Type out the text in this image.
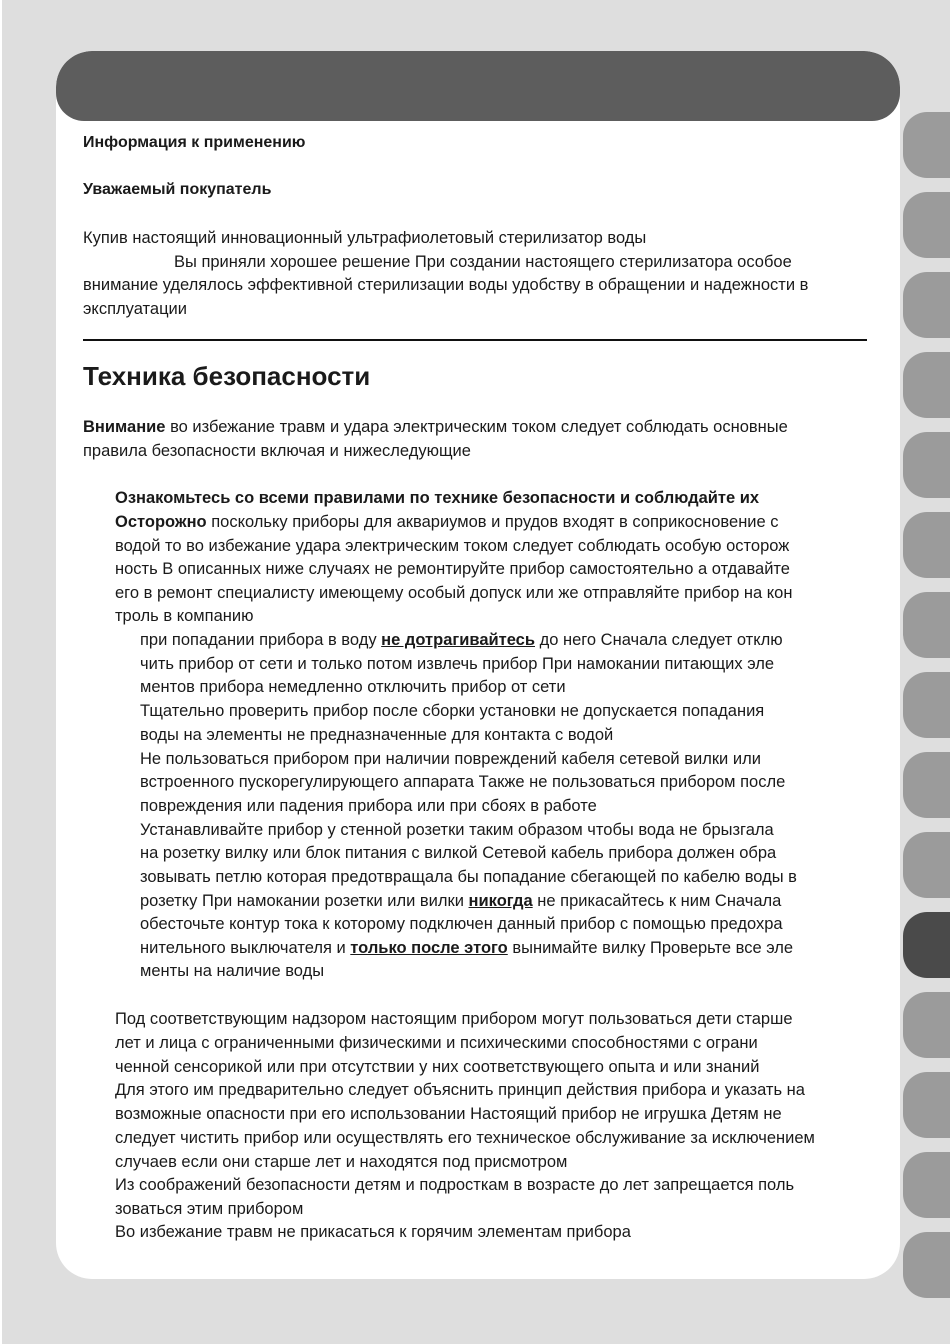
Информация к применению
Уважаемый покупатель
Купив настоящий инновационный ультрафиолетовый стерилизатор воды
Вы приняли хорошее решение При создании настоящего стерилизатора особое
внимание уделялось эффективной стерилизации воды удобству в обращении и надежности в
эксплуатации
Техника безопасности
Внимание во избежание травм и удара электрическим током следует соблюдать основные
правила безопасности включая и нижеследующие
Ознакомьтесь со всеми правилами по технике безопасности и соблюдайте их
Осторожно поскольку приборы для аквариумов и прудов входят в соприкосновение с
водой то во избежание удара электрическим током следует соблюдать особую осторож
ность В описанных ниже случаях не ремонтируйте прибор самостоятельно а отдавайте
его в ремонт специалисту имеющему особый допуск или же отправляйте прибор на кон
троль в компанию
при попадании прибора в воду не дотрагивайтесь до него Сначала следует отклю
чить прибор от сети и только потом извлечь прибор При намокании питающих эле
ментов прибора немедленно отключить прибор от сети
Тщательно проверить прибор после сборки установки не допускается попадания
воды на элементы не предназначенные для контакта с водой
Не пользоваться прибором при наличии повреждений кабеля сетевой вилки или
встроенного пускорегулирующего аппарата Также не пользоваться прибором после
повреждения или падения прибора или при сбоях в работе
Устанавливайте прибор у стенной розетки таким образом чтобы вода не брызгала
на розетку вилку или блок питания с вилкой Сетевой кабель прибора должен обра
зовывать петлю которая предотвращала бы попадание сбегающей по кабелю воды в
розетку При намокании розетки или вилки никогда не прикасайтесь к ним Сначала
обесточьте контур тока к которому подключен данный прибор с помощью предохра
нительного выключателя и только после этого вынимайте вилку Проверьте все эле
менты на наличие воды
Под соответствующим надзором настоящим прибором могут пользоваться дети старше
лет и лица с ограниченными физическими и психическими способностями с ограни
ченной сенсорикой или при отсутствии у них соответствующего опыта и или знаний
Для этого им предварительно следует объяснить принцип действия прибора и указать на
возможные опасности при его использовании Настоящий прибор не игрушка Детям не
следует чистить прибор или осуществлять его техническое обслуживание за исключением
случаев если они старше лет и находятся под присмотром
Из соображений безопасности детям и подросткам в возрасте до лет запрещается поль
зоваться этим прибором
Во избежание травм не прикасаться к горячим элементам прибора
